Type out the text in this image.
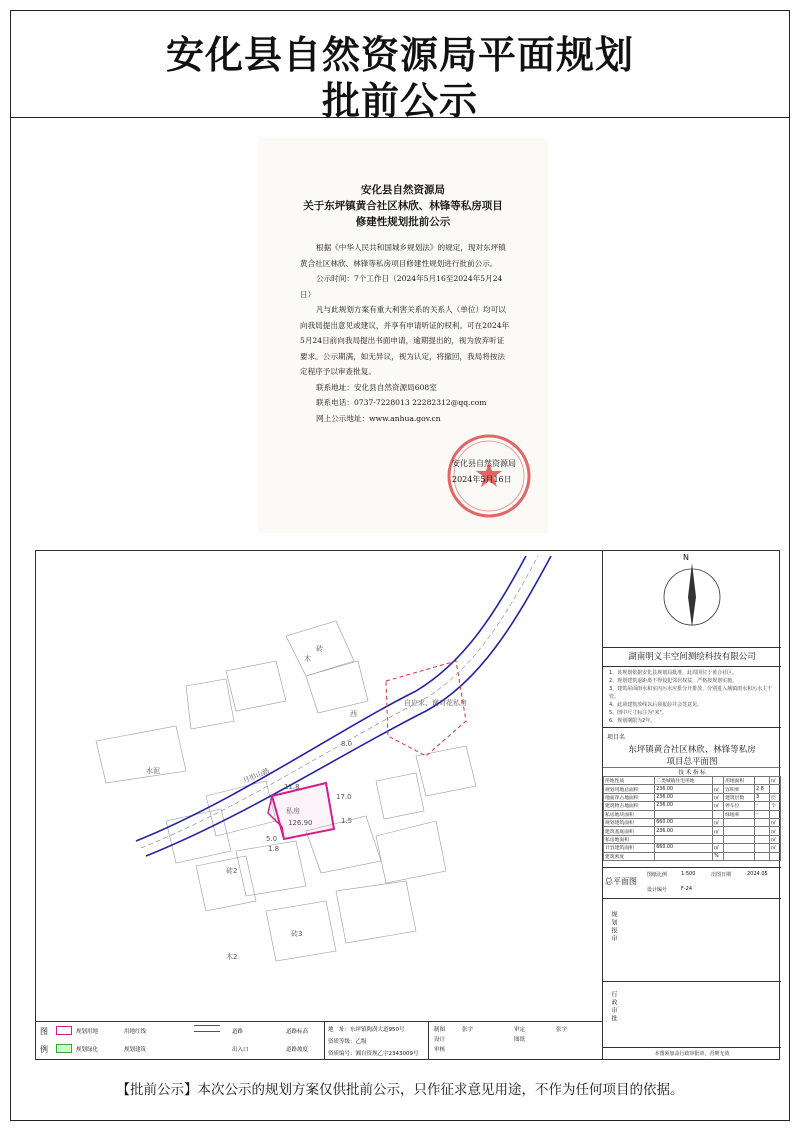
安化县自然资源局平面规划
批前公示
安化县自然资源局
关于东坪镇黄合社区林欣、林锋等私房项目
修建性规划批前公示
根据《中华人民共和国城乡规划法》的规定，现对东坪镇黄合社区林欣、林锋等私房项目修建性规划进行批前公示。
公示时间：7个工作日（2024年5月16至2024年5月24日）
凡与此规划方案有重大利害关系的关系人（单位）均可以向我局提出意见或建议，并享有申请听证的权利。可在2024年5月24日前向我局提出书面申请，逾期提出的，视为放弃听证要求。公示期满，如无异议，视为认定，将撤回，我局将按法定程序予以审查批复。
联系地址：安化县自然资源局608室
联系电话：0737-7228013 22282312@qq.com
网上公示地址：www.anhua.gov.cn
安化县自然资源局
2024年5月16日
月形山路
8.0
私房
126.90
自应求、谢对花私房
17.0
1.5
5.0
1.8
11.8
砖
木
水泥
砖2
砖3
木2
西
N
湖南明义丰空间测绘科技有限公司
1、该规划依据安化县规划局批准，此周围位于黄合社区。
2、规划建筑退距离不得侵犯邻居权益，严格按规划实施。
3、建筑屋面雨水和室内污水应排分开排放，分别进入城镇雨水和污水主干管。
4、此项建筑放线以后须报验并会签意见。
5、图中尺寸标注为"米"。
6、规划期限为2年。
项目名
东坪镇黄合社区林欣、林锋等私房
项目总平面图
技 术 指 标
用地性质	二类城镇住宅用地		用地面积		㎡
规划用地总面积	236.00	㎡	容积率	2.8	
地面净占地面积	236.00	㎡	建筑层数	3	层
建筑物占地面积	236.00	㎡	停车位	-	个
私房地块面积			绿地率	-	
规划建筑面积	660.00	㎡			㎡
建筑基底面积	236.00	㎡			㎡
私房地面积					㎡
计容建筑面积	660.00	㎡			㎡
建筑密度		%			
总平面图
图纸比例	1:500	出图日期	2024.05
设计编号	F-24
规划报审
行政审批
本图须加盖行政审批章，否则无效
图
例
规划用地
规划绿化
用地红线
规划建筑
道路
出入口
道路标高
道路坡度
地　址：东坪镇陶澍大道950号
资质等级：乙级
资质编号：湘自资规乙字2343009号
制图
设计
审核
张宇	审定
图纸
张宇
【批前公示】本次公示的规划方案仅供批前公示，只作征求意见用途，不作为任何项目的依据。
